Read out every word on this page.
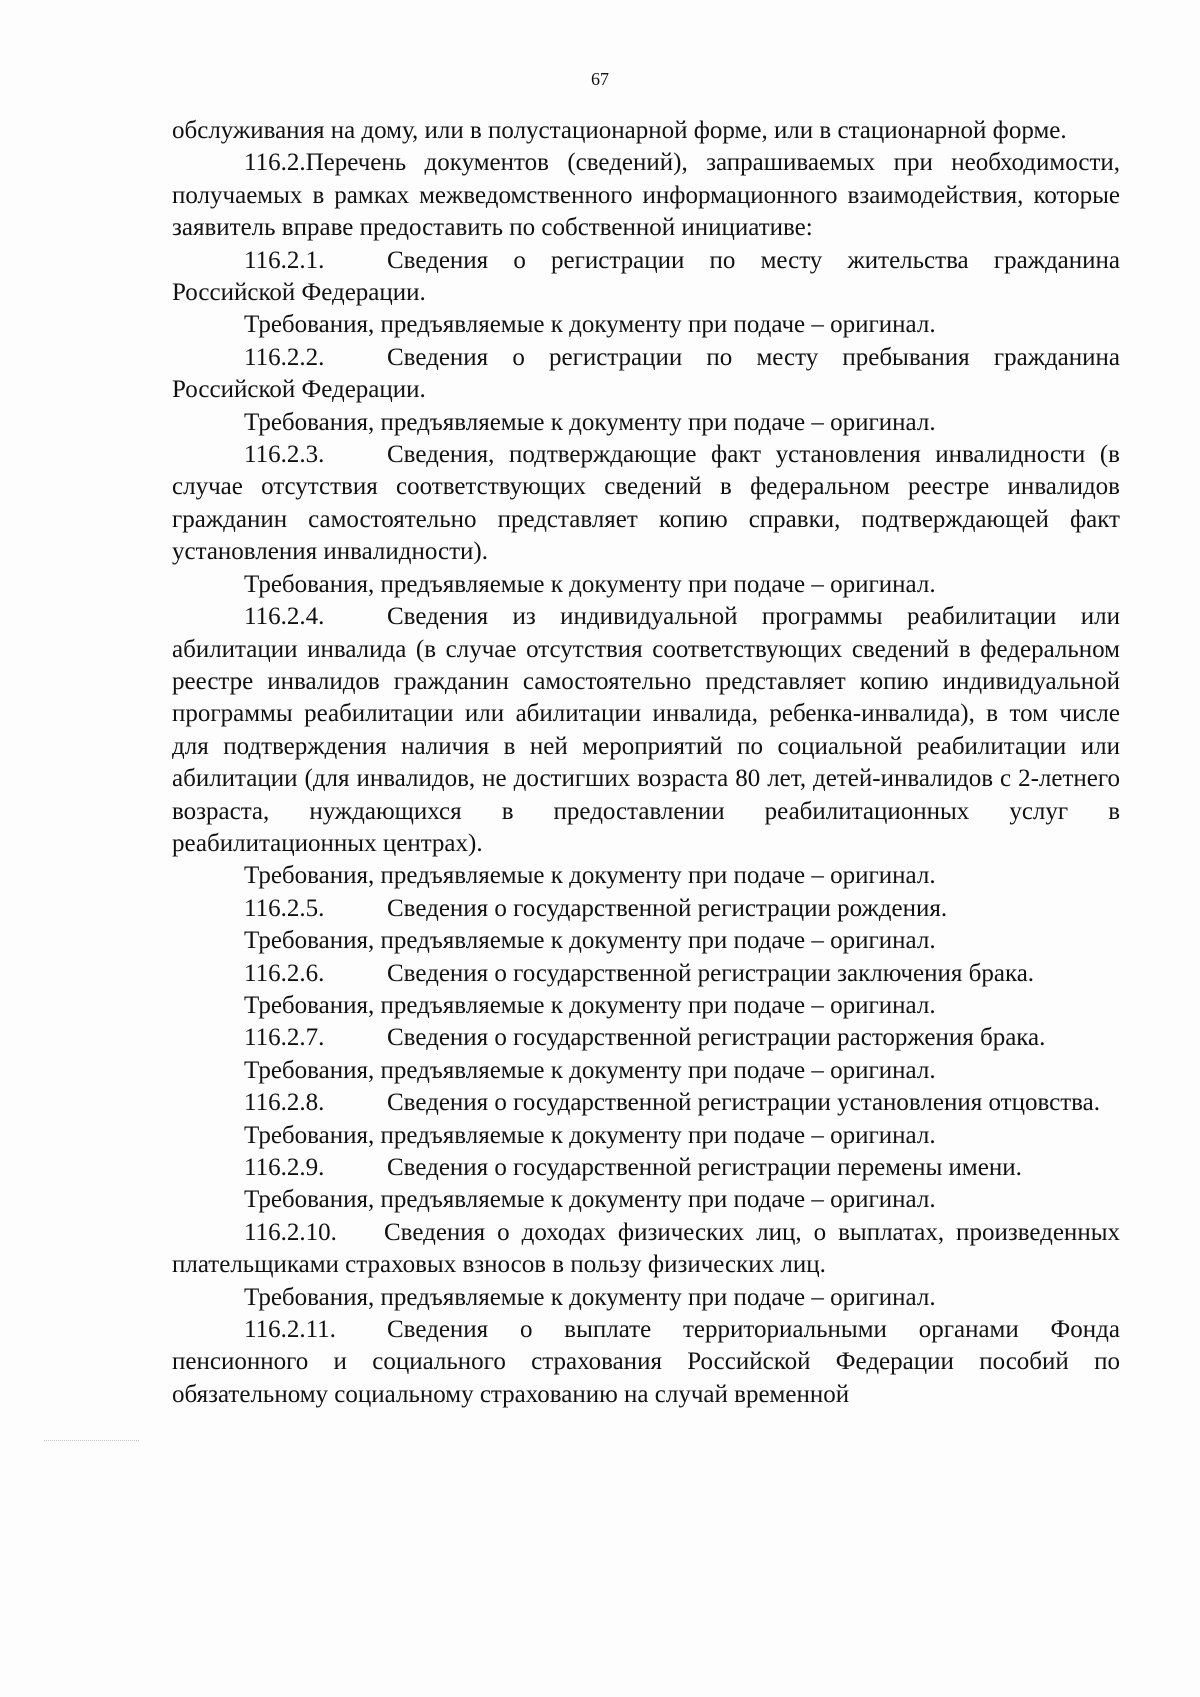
67

обслуживания на дому, или в полустационарной форме, или в стационарной форме.

116.2.Перечень документов (сведений), запрашиваемых при необходимости, получаемых в рамках межведомственного информационного взаимодействия, которые заявитель вправе предоставить по собственной инициативе:

116.2.1.	Сведения о регистрации по месту жительства гражданина Российской Федерации.

Требования, предъявляемые к документу при подаче – оригинал.

116.2.2.	Сведения о регистрации по месту пребывания гражданина Российской Федерации.

Требования, предъявляемые к документу при подаче – оригинал.

116.2.3.	Сведения, подтверждающие факт установления инвалидности (в случае отсутствия соответствующих сведений в федеральном реестре инвалидов гражданин самостоятельно представляет копию справки, подтверждающей факт установления инвалидности).

Требования, предъявляемые к документу при подаче – оригинал.

116.2.4.	Сведения из индивидуальной программы реабилитации или абилитации инвалида (в случае отсутствия соответствующих сведений в федеральном реестре инвалидов гражданин самостоятельно представляет копию индивидуальной программы реабилитации или абилитации инвалида, ребенка-инвалида), в том числе для подтверждения наличия в ней мероприятий по социальной реабилитации или абилитации (для инвалидов, не достигших возраста 80 лет, детей-инвалидов с 2-летнего возраста, нуждающихся в предоставлении реабилитационных услуг в реабилитационных центрах).

Требования, предъявляемые к документу при подаче – оригинал.

116.2.5.	Сведения о государственной регистрации рождения.

Требования, предъявляемые к документу при подаче – оригинал.

116.2.6.	Сведения о государственной регистрации заключения брака.

Требования, предъявляемые к документу при подаче – оригинал.

116.2.7.	Сведения о государственной регистрации расторжения брака.

Требования, предъявляемые к документу при подаче – оригинал.

116.2.8.	Сведения о государственной регистрации установления отцовства.

Требования, предъявляемые к документу при подаче – оригинал.

116.2.9.	Сведения о государственной регистрации перемены имени.

Требования, предъявляемые к документу при подаче – оригинал.

116.2.10. Сведения о доходах физических лиц, о выплатах, произведенных плательщиками страховых взносов в пользу физических лиц.

Требования, предъявляемые к документу при подаче – оригинал.

116.2.11. Сведения о выплате территориальными органами Фонда пенсионного и социального страхования Российской Федерации пособий по обязательному социальному страхованию на случай временной
